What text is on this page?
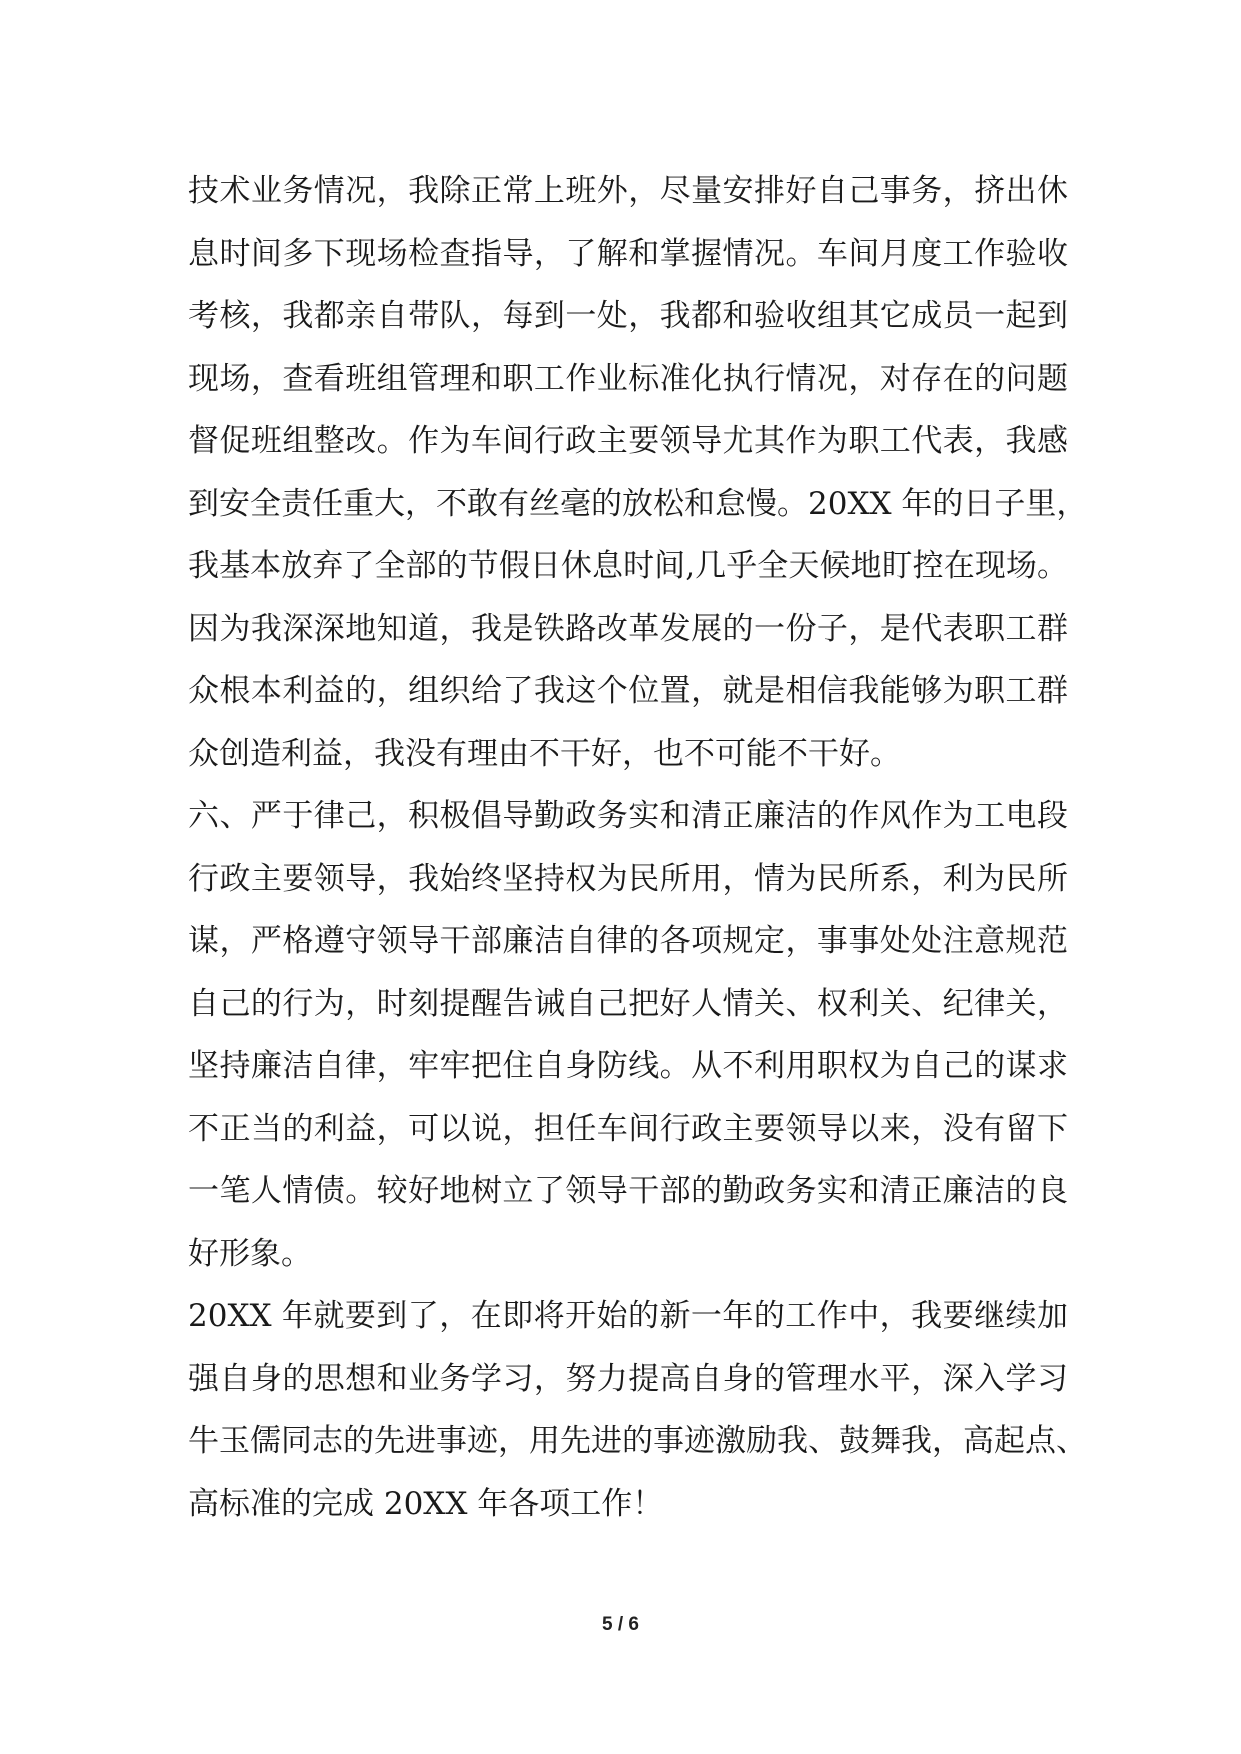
技术业务情况，我除正常上班外，尽量安排好自己事务，挤出休
息时间多下现场检查指导，了解和掌握情况。车间月度工作验收
考核，我都亲自带队，每到一处，我都和验收组其它成员一起到
现场，查看班组管理和职工作业标准化执行情况，对存在的问题
督促班组整改。作为车间行政主要领导尤其作为职工代表，我感
到安全责任重大，不敢有丝毫的放松和怠慢。20XX 年的日子里，
我基本放弃了全部的节假日休息时间,几乎全天候地盯控在现场。
因为我深深地知道，我是铁路改革发展的一份子，是代表职工群
众根本利益的，组织给了我这个位置，就是相信我能够为职工群
众创造利益，我没有理由不干好，也不可能不干好。
六、严于律己，积极倡导勤政务实和清正廉洁的作风作为工电段
行政主要领导，我始终坚持权为民所用，情为民所系，利为民所
谋，严格遵守领导干部廉洁自律的各项规定，事事处处注意规范
自己的行为，时刻提醒告诫自己把好人情关、权利关、纪律关，
坚持廉洁自律，牢牢把住自身防线。从不利用职权为自己的谋求
不正当的利益，可以说，担任车间行政主要领导以来，没有留下
一笔人情债。较好地树立了领导干部的勤政务实和清正廉洁的良
好形象。
20XX 年就要到了，在即将开始的新一年的工作中，我要继续加
强自身的思想和业务学习，努力提高自身的管理水平，深入学习
牛玉儒同志的先进事迹，用先进的事迹激励我、鼓舞我，高起点、
高标准的完成 20XX 年各项工作！
5 / 6
